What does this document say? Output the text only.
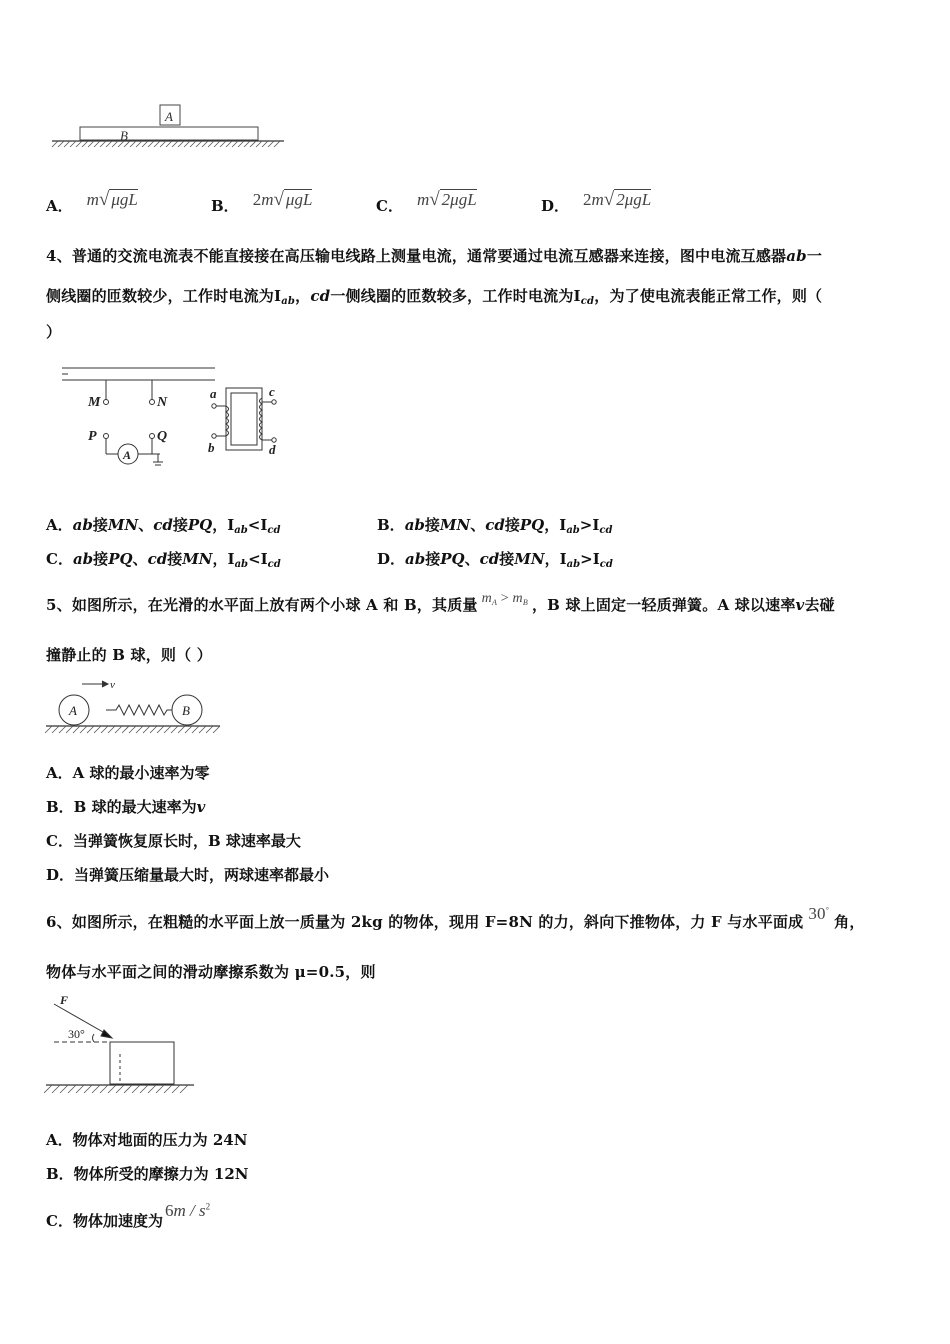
A
B
A． m√ μgL	B． 2m√ μgL	C． m√ 2μgL	D． 2m√ 2μgL
4、普通的交流电流表不能直接接在高压输电线路上测量电流，通常要通过电流互感器来连接，图中电流互感器ab一
侧线圈的匝数较少，工作时电流为$I_{ab}$，cd一侧线圈的匝数较多，工作时电流为$I_{cd}$，为了使电流表能正常工作，则（
）
M	N
P	Q
A
a
b
c
d
A．ab接MN、cd接PQ，$I_{ab}<I_{cd}$	B．ab接MN、cd接PQ，$I_{ab}>I_{cd}$
C．ab接PQ、cd接MN，$I_{ab}<I_{cd}$	D．ab接PQ、cd接MN，$I_{ab}>I_{cd}$
5、如图所示，在光滑的水平面上放有两个小球 A 和 B，其质量 $m_A > m_B$ ，B 球上固定一轻质弹簧。A 球以速率v去碰
撞静止的 B 球，则（ ）
A	B
v
A．A 球的最小速率为零
B．B 球的最大速率为v
C．当弹簧恢复原长时，B 球速率最大
D．当弹簧压缩量最大时，两球速率都最小
6、如图所示，在粗糙的水平面上放一质量为 2kg 的物体，现用 F=8N 的力，斜向下推物体，力 F 与水平面成 30°角，
物体与水平面之间的滑动摩擦系数为 μ=0.5，则
F
30°
A．物体对地面的压力为 24N
B．物体所受的摩擦力为 12N
C．物体加速度为$6m / s^2$
